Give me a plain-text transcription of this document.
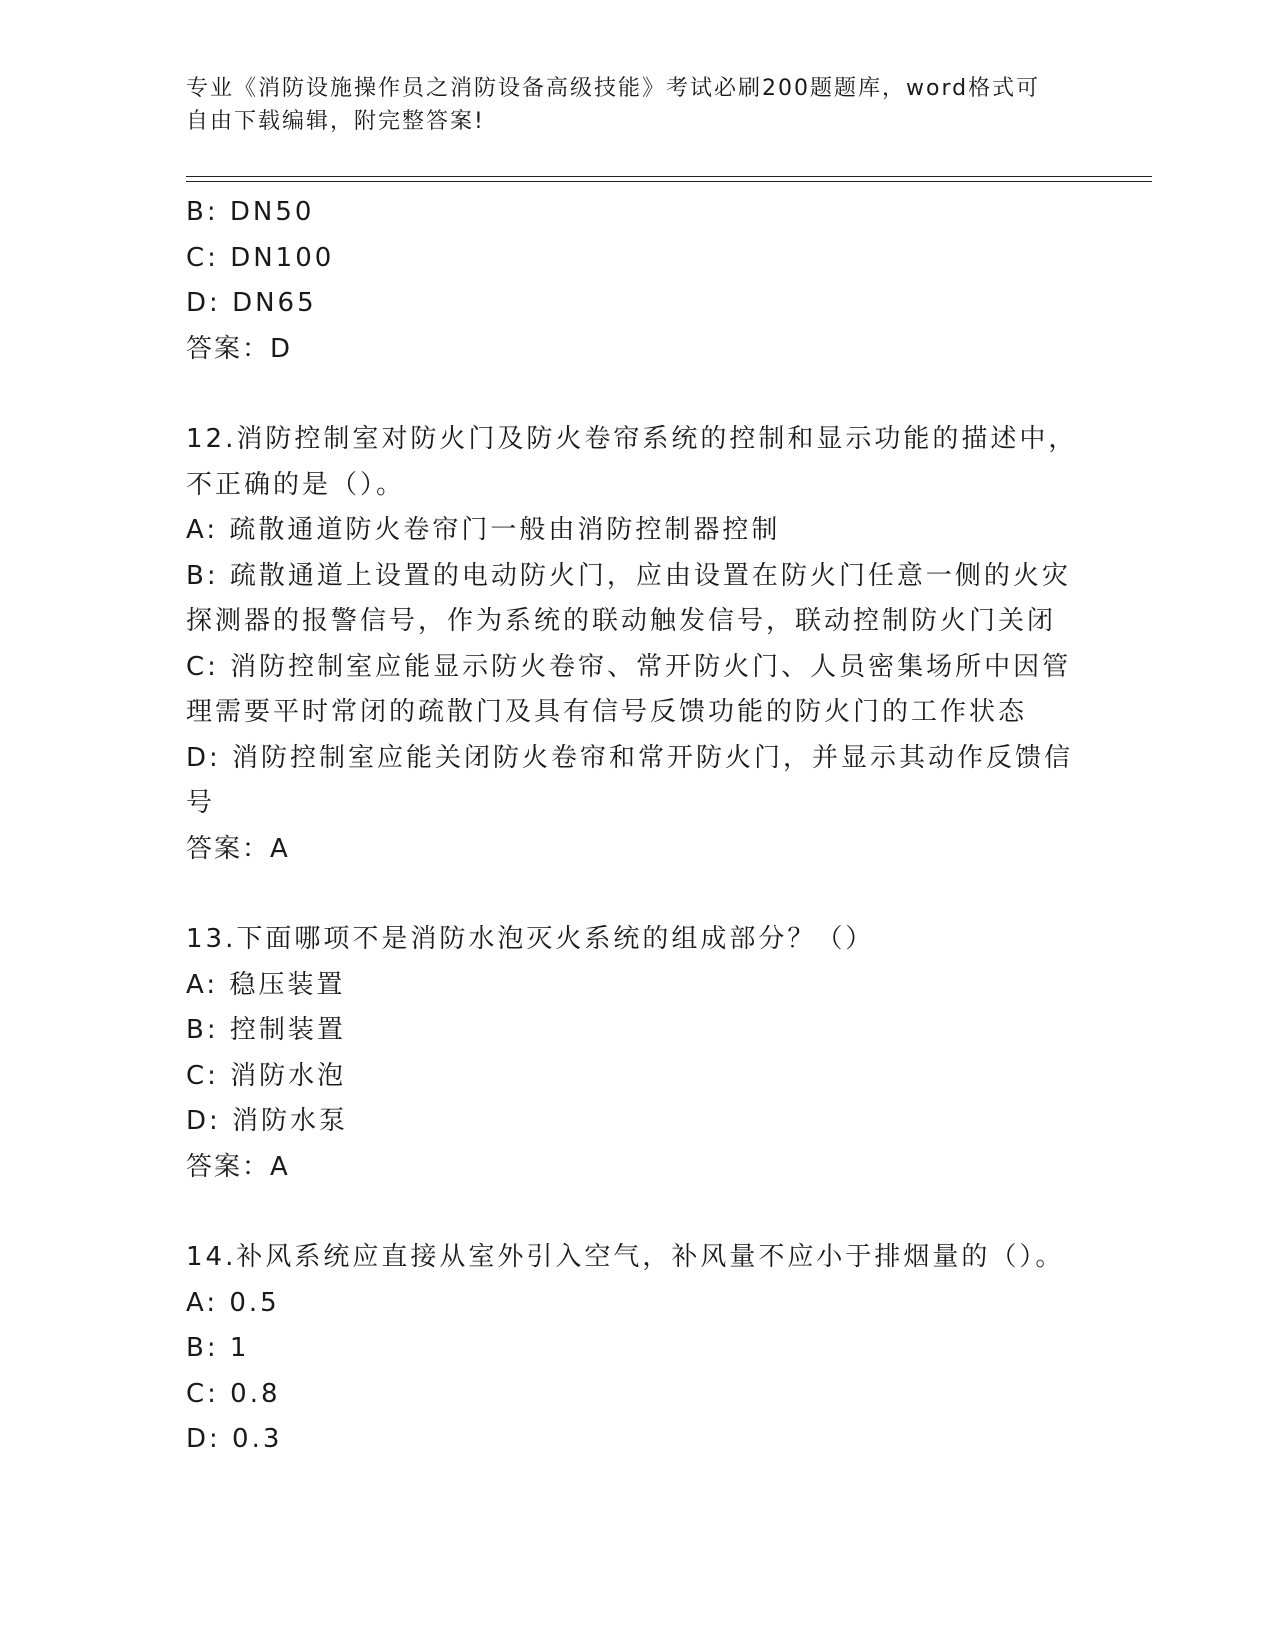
专业《消防设施操作员之消防设备高级技能》考试必刷200题题库，word格式可
自由下载编辑，附完整答案!
B: DN50
C: DN100
D: DN65
答案：D
12.消防控制室对防火门及防火卷帘系统的控制和显示功能的描述中，
不正确的是（）。
A: 疏散通道防火卷帘门一般由消防控制器控制
B: 疏散通道上设置的电动防火门，应由设置在防火门任意一侧的火灾
探测器的报警信号，作为系统的联动触发信号，联动控制防火门关闭
C: 消防控制室应能显示防火卷帘、常开防火门、人员密集场所中因管
理需要平时常闭的疏散门及具有信号反馈功能的防火门的工作状态
D: 消防控制室应能关闭防火卷帘和常开防火门，并显示其动作反馈信
号
答案：A
13.下面哪项不是消防水泡灭火系统的组成部分？（）
A: 稳压装置
B: 控制装置
C: 消防水泡
D: 消防水泵
答案：A
14.补风系统应直接从室外引入空气，补风量不应小于排烟量的（）。
A: 0.5
B: 1
C: 0.8
D: 0.3
